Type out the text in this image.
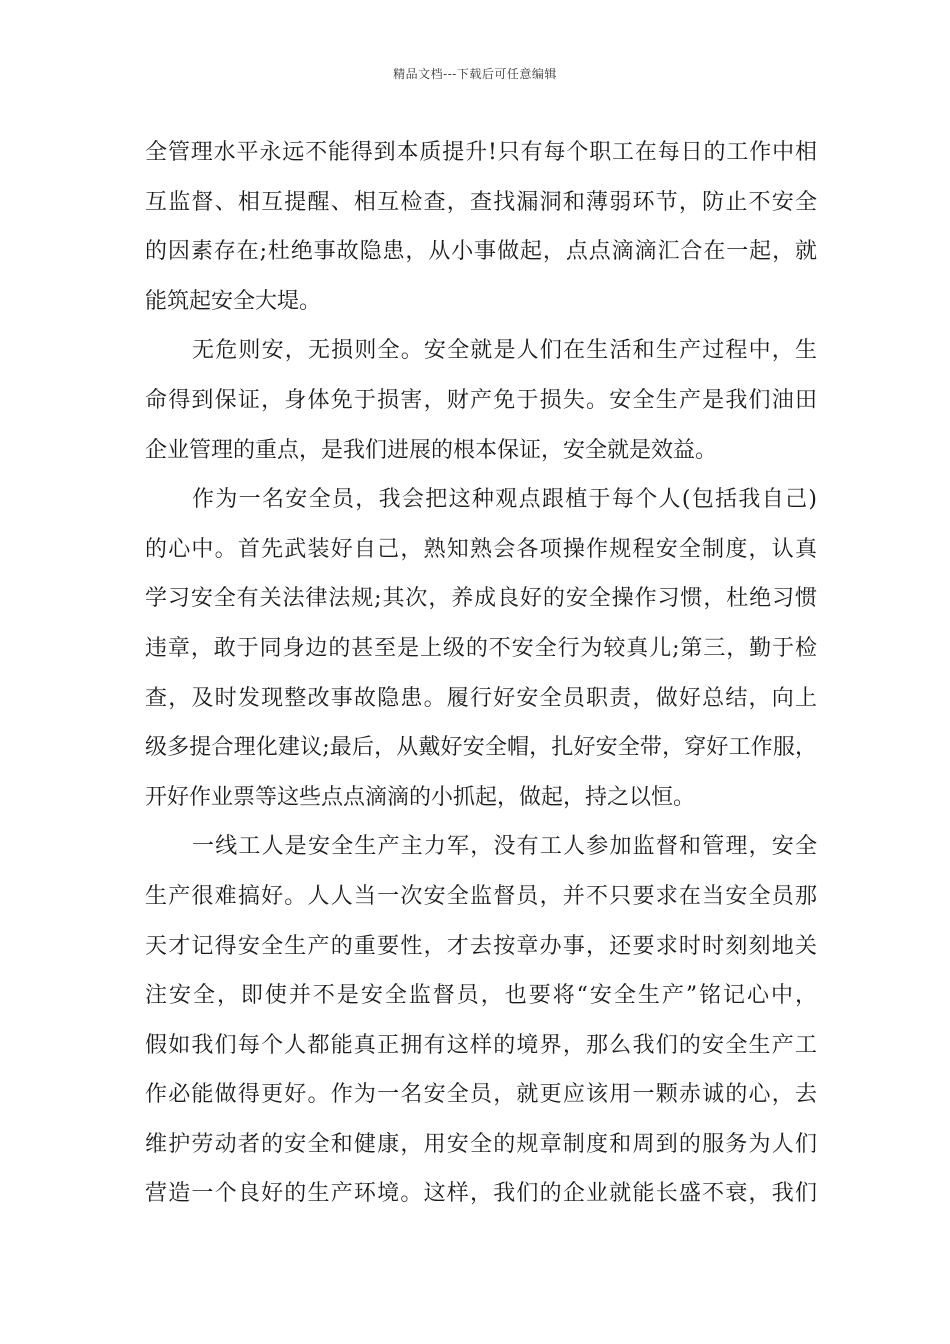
精品文档---下载后可任意编辑
全管理水平永远不能得到本质提升!只有每个职工在每日的工作中相
互监督、相互提醒、相互检查，查找漏洞和薄弱环节，防止不安全
的因素存在;杜绝事故隐患，从小事做起，点点滴滴汇合在一起，就
能筑起安全大堤。
无危则安，无损则全。安全就是人们在生活和生产过程中，生
命得到保证，身体免于损害，财产免于损失。安全生产是我们油田
企业管理的重点，是我们进展的根本保证，安全就是效益。
作为一名安全员，我会把这种观点跟植于每个人(包括我自己)
的心中。首先武装好自己，熟知熟会各项操作规程安全制度，认真
学习安全有关法律法规;其次，养成良好的安全操作习惯，杜绝习惯
违章，敢于同身边的甚至是上级的不安全行为较真儿;第三，勤于检
查，及时发现整改事故隐患。履行好安全员职责，做好总结，向上
级多提合理化建议;最后，从戴好安全帽，扎好安全带，穿好工作服，
开好作业票等这些点点滴滴的小抓起，做起，持之以恒。
一线工人是安全生产主力军，没有工人参加监督和管理，安全
生产很难搞好。人人当一次安全监督员，并不只要求在当安全员那
天才记得安全生产的重要性，才去按章办事，还要求时时刻刻地关
注安全，即使并不是安全监督员，也要将“安全生产”铭记心中，
假如我们每个人都能真正拥有这样的境界，那么我们的安全生产工
作必能做得更好。作为一名安全员，就更应该用一颗赤诚的心，去
维护劳动者的安全和健康，用安全的规章制度和周到的服务为人们
营造一个良好的生产环境。这样，我们的企业就能长盛不衰，我们
